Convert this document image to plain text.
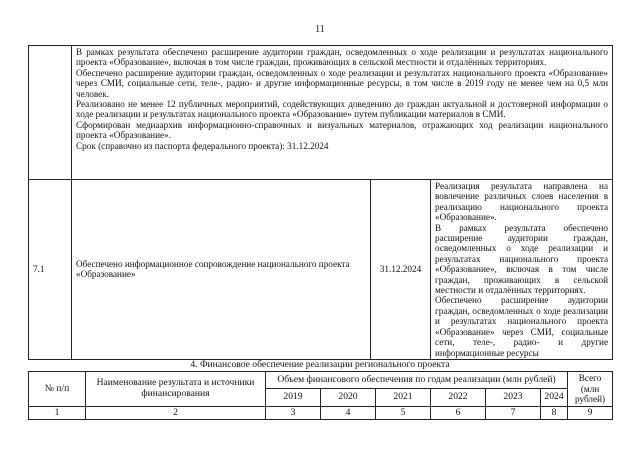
11

	В рамках результата обеспечено расширение аудитории граждан, осведомленных о ходе реализации и результатах национального проекта «Образование», включая в том числе граждан, проживающих в сельской местности и отдалённых территориях.

Обеспечено расширение аудитории граждан, осведомленных о ходе реализации и результатах национального проекта «Образование» через СМИ, социальные сети, теле-, радио- и другие информационные ресурсы, в том числе в 2019 году не менее чем на 0,5 млн человек.

Реализовано не менее 12 публичных мероприятий, содействующих доведению до граждан актуальной и достоверной информации о ходе реализации и результатах национального проекта «Образование» путем публикации материалов в СМИ.

Сформирован медиаархив информационно-справочных и визуальных материалов, отражающих ход реализации национального проекта «Образование».

Срок (справочно из паспорта федерального проекта): 31.12.2024		

7.1	Обеспечено информационное сопровождение национального проекта «Образование»	31.12.2024	Реализация результата направлена на вовлечение различных слоев населения в реализацию национального проекта «Образование».

В рамках результата обеспечено расширение аудитории граждан, осведомленных о ходе реализации и результатах национального проекта «Образование», включая в том числе граждан, проживающих в сельской местности и отдалённых территориях.

Обеспечено расширение аудитории граждан, осведомленных о ходе реализации и результатах национального проекта «Образование» через СМИ, социальные сети, теле-, радио- и другие информационные ресурсы

4. Финансовое обеспечение реализации регионального проекта
№ п/п	Наименование результата и источники финансирования	Объем финансового обеспечения по годам реализации (млн рублей)						Всего (млн рублей)
		2019	2020	2021	2022	2023	2024	
1	2	3	4	5	6	7	8	9
